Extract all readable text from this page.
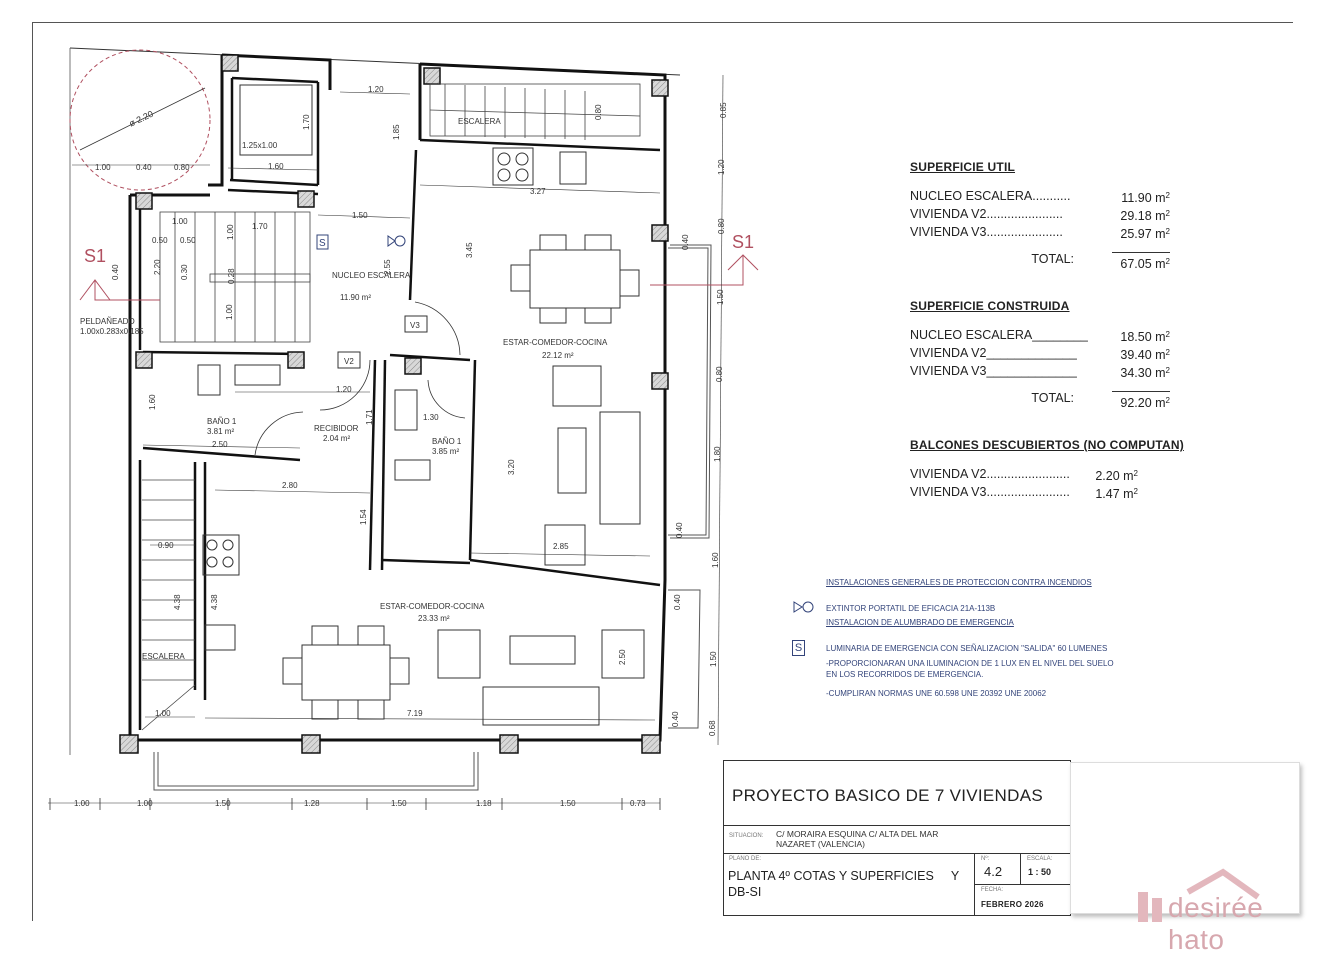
ø 2.20
1.25x1.00
ESCALERA
ESCALERA
S1
S1
S
V3
V2
NUCLEO ESCALERA
11.90 m²
ESTAR-COMEDOR-COCINA
22.12 m²
BAÑO 1
3.81 m²	RECIBIDOR
2.04 m²	BAÑO 1
3.85 m²
ESTAR-COMEDOR-COCINA
23.33 m²
PELDAÑEADO
1.00x0.283x0.185
1.00	0.40	0.80	1.60
1.70
1.20
1.85
0.80
3.27
1.00
1.70
0.50 0.50
1.00
2.20 0.30	0.28
1.00
0.40
1.50
2.55
3.45
1.60
2.50
1.20
1.71	1.30
2.80
1.54
3.20
2.85
0.90
4.38	4.38
1.00	7.19
2.50
0.40
0.40
0.40
0.40
0.85
1.20
0.80
1.50
0.80
1.80
1.60
1.50
0.68
1.00	1.00	1.50	1.28	1.50	1.18	1.50	0.73
SUPERFICIE UTIL
NUCLEO ESCALERA ...........	11.90 $m^2$
VIVIENDA V2 ......................	29.18 $m^2$
VIVIENDA V3 ......................	25.97 $m^2$
TOTAL:	67.05 $m^2$
SUPERFICIE CONSTRUIDA
NUCLEO ESCALERA ________	18.50 $m^2$
VIVIENDA V2 _____________	39.40 $m^2$
VIVIENDA V3 _____________	34.30 $m^2$
TOTAL:	92.20 $m^2$
BALCONES DESCUBIERTOS (NO COMPUTAN)
VIVIENDA V2 ........................	2.20 $m^2$
VIVIENDA V3 ........................	1.47 $m^2$
INSTALACIONES GENERALES DE PROTECCION CONTRA INCENDIOS
EXTINTOR PORTATIL DE EFICACIA 21A-113B
INSTALACION DE ALUMBRADO DE EMERGENCIA
S	LUMINARIA DE EMERGENCIA CON SEÑALIZACION "SALIDA" 60 LUMENES
-PROPORCIONARAN UNA ILUMINACION DE 1 LUX EN EL NIVEL DEL SUELO
EN LOS RECORRIDOS DE EMERGENCIA.
-CUMPLIRAN NORMAS UNE 60.598 UNE 20392 UNE 20062
PROYECTO BASICO DE 7 VIVIENDAS
SITUACION: C/ MORAIRA ESQUINA C/ ALTA DEL MAR
NAZARET (VALENCIA)
PLANO DE:
PLANTA 4º COTAS Y SUPERFICIES     Y
DB-SI
Nº:
4.2
ESCALA:
1 : 50
FECHA:
FEBRERO 2026	desirée hato
